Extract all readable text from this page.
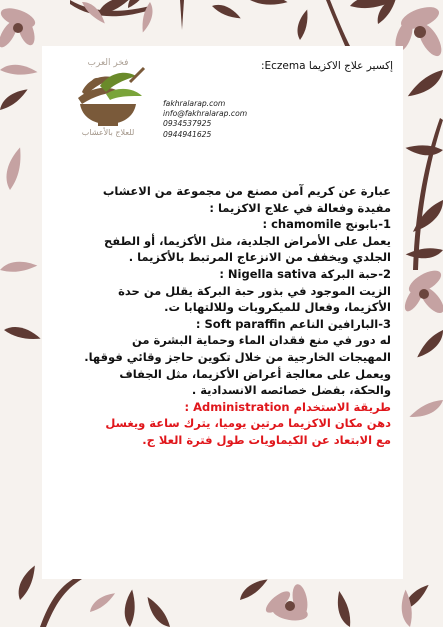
فخر العرب
للعلاج بالأعشاب
إكسير علاج الاكزيما Eczema:
fakhralarap.com
info@fakhralarap.com
0934537925
0944941625

عبارة عن كريم آمن مصنع من مجموعة من الاعشاب

مفيدة وفعالة في علاج الاكزيما :

1-بابونج chamomile :

يعمل على الأمراض الجلدية، مثل الأكزيما، أو الطفح

الجلدي ويخفف من الانزعاج المرتبط بالأكزيما .

2-حبة البركة Nigella sativa :

الزيت الموجود في بذور حبة البركة يقلل من حدة

الأكزيما، وفعال للميكروبات وللالتهابا ت.

3-البارافين الناعم Soft paraffin :

له دور في منع فقدان الماء وحماية البشرة من

المهيجات الخارجية من خلال تكوين حاجز وقائي فوقها.

ويعمل على معالجة أعراض الأكزيما، مثل الجفاف

والحكة، بفضل خصائصه الانسدادية .

طريقة الاستخدام Administration :

دهن مكان الاكزيما مرتين يوميا، يترك ساعة ويغسل

مع الابتعاد عن الكيماويات طول فترة العلا ج.
